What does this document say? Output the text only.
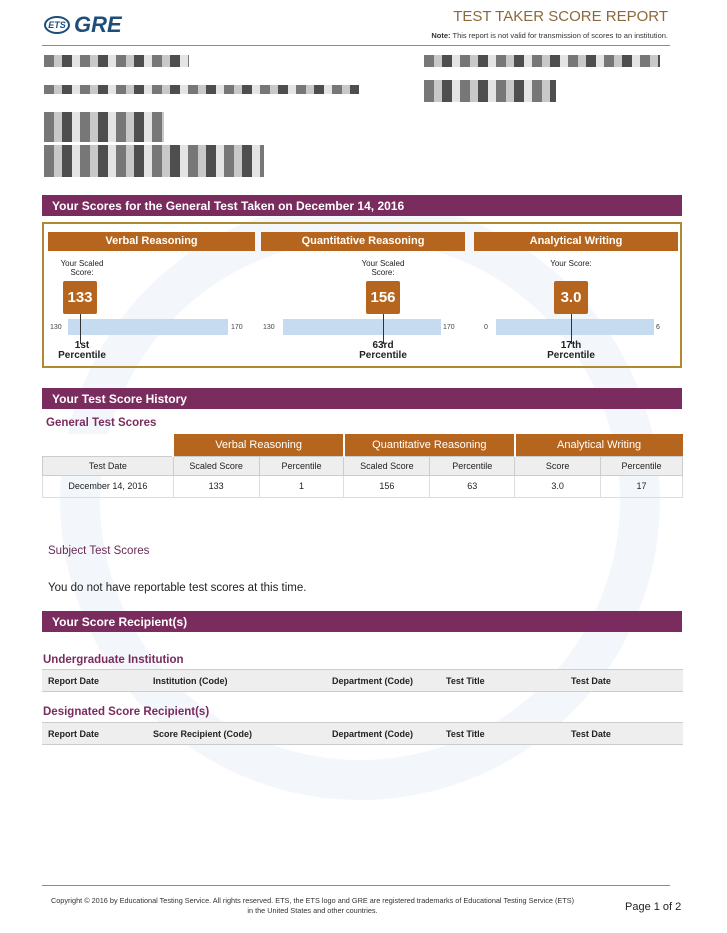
ETS GRE	TEST TAKER SCORE REPORT
Note: This report is not valid for transmission of scores to an institution.
Your Scores for the General Test Taken on December 14, 2016
Verbal Reasoning
Your Scaled Score:
133
130	170
1st
Percentile
Quantitative Reasoning
Your Scaled Score:
156
130	170
63rd
Percentile
Analytical Writing
Your Score:
3.0
0	6
17th
Percentile
Your Test Score History
General Test Scores
	Verbal Reasoning		Quantitative Reasoning		Analytical Writing	
Test Date	Scaled Score	Percentile	Scaled Score	Percentile	Score	Percentile
December 14, 2016	133	1	156	63	3.0	17
Subject Test Scores
You do not have reportable test scores at this time.
Your Score Recipient(s)
Undergraduate Institution
Report Date	Institution (Code)	Department (Code)	Test Title	Test Date
Designated Score Recipient(s)
Report Date	Score Recipient (Code)	Department (Code)	Test Title	Test Date
Copyright © 2016 by Educational Testing Service. All rights reserved. ETS, the ETS logo and GRE are registered trademarks of Educational Testing Service (ETS) in the United States and other countries.	Page 1 of 2
